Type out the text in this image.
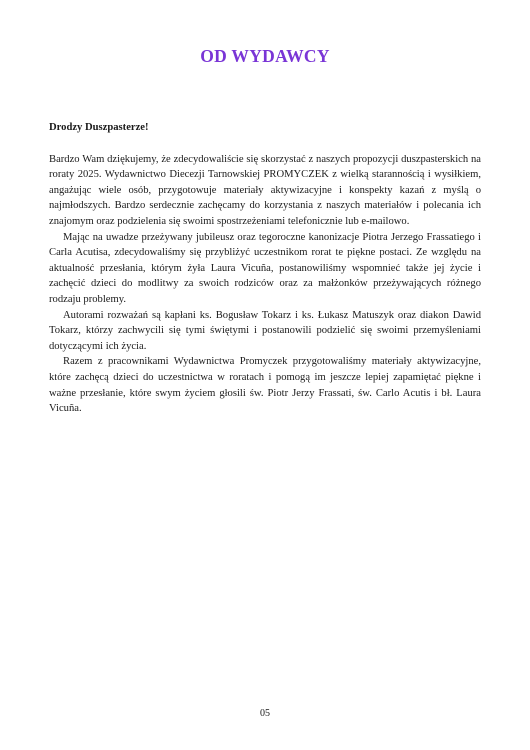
OD WYDAWCY

Drodzy Duszpasterze!

Bardzo Wam dziękujemy, że zdecydowaliście się skorzystać z naszych propozycji duszpasterskich na roraty 2025. Wydawnictwo Diecezji Tarnowskiej PROMYCZEK z wielką starannością i wysiłkiem, angażując wiele osób, przygotowuje materiały aktywizacyjne i konspekty kazań z myślą o najmłodszych. Bardzo serdecznie zachęcamy do korzystania z naszych materiałów i polecania ich znajomym oraz podzielenia się swoimi spostrzeżeniami telefonicznie lub e-mailowo.

Mając na uwadze przeżywany jubileusz oraz tegoroczne kanonizacje Piotra Jerzego Frassatiego i Carla Acutisa, zdecydowaliśmy się przybliżyć uczestnikom rorat te piękne postaci. Ze względu na aktualność przesłania, którym żyła Laura Vicuña, postanowiliśmy wspomnieć także jej życie i zachęcić dzieci do modlitwy za swoich rodziców oraz za małżonków przeżywających różnego rodzaju problemy.

Autorami rozważań są kapłani ks. Bogusław Tokarz i ks. Łukasz Matuszyk oraz diakon Dawid Tokarz, którzy zachwycili się tymi świętymi i postanowili podzielić się swoimi przemyśleniami dotyczącymi ich życia.

Razem z pracownikami Wydawnictwa Promyczek przygotowaliśmy materiały aktywizacyjne, które zachęcą dzieci do uczestnictwa w roratach i pomogą im jeszcze lepiej zapamiętać piękne i ważne przesłanie, które swym życiem głosili św. Piotr Jerzy Frassati, św. Carlo Acutis i bł. Laura Vicuña.

05
